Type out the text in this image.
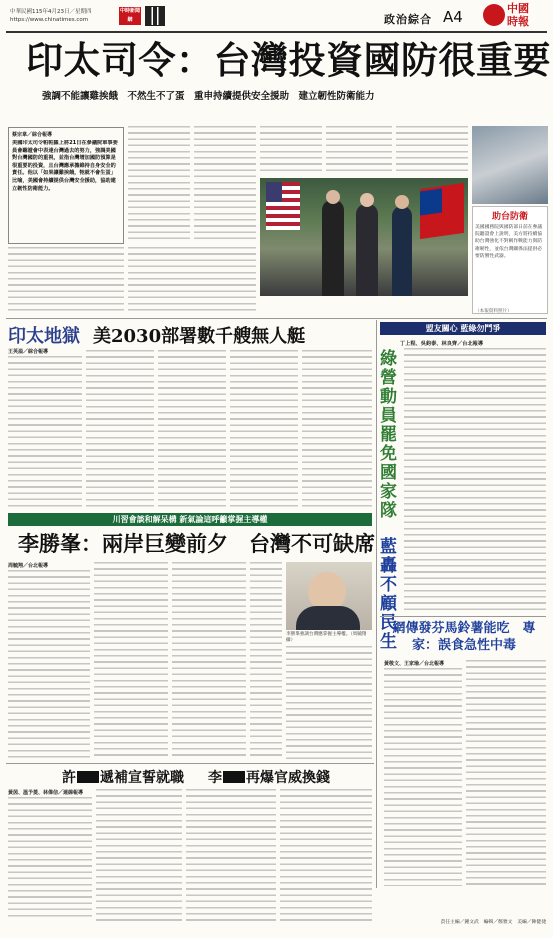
中華民國115年4月23日／星期四
https://www.chinatimes.com
中時新聞網	政治綜合 A4	中國時報
印太司令：台灣投資國防很重要
強調不能讓雞挨餓　不然生不了蛋　重申持續提供安全援助　建立韌性防衛能力
蔡宗韋／綜合報導
美國印太司令帕帕羅上將21日在參議院軍事委員會聽證會中表達台灣過去的努力，強調美國對台灣國防的重視，並指台灣增加國防預算是很重要的投資，且台灣應承擔維持自身安全的責任。他以「如果讓雞挨餓，牠就不會生蛋」比喻，美國會持續提供台灣安全援助，協助建立韌性防衛能力。
助台防衛
美國國務院與國防部日前在參議院聽證會上說明，美方將持續協助台灣強化不對稱作戰能力與防衛韌性，並依台灣關係法提供必要防禦性武器。
（本報資料照片）
印太地獄 美2030部署數千艘無人艇
王英溢／綜合報導
盟友關心 藍綠勿鬥爭
丁上程、吳鈞泰、林良齊／台北報導
綠營動員罷免國家隊
藍轟不顧民生
網傳發芬馬鈴薯能吃　專家：誤食急性中毒
黃敬文、王家瑜／台北報導
川習會談和解呆構 新氣論這呼籲掌握主導權
李勝峯：兩岸巨變前夕　台灣不可缺席
周毓翔／台北報導
李勝峯強調台灣應掌握主導權。（周毓翔攝）
許 遞補宣誓就職 李 再爆官威換錢
黃茵、溫予菱、林偉信／連線報導
責任主編／鍾文武　編輯／鄭雅文　美編／陳健捷
